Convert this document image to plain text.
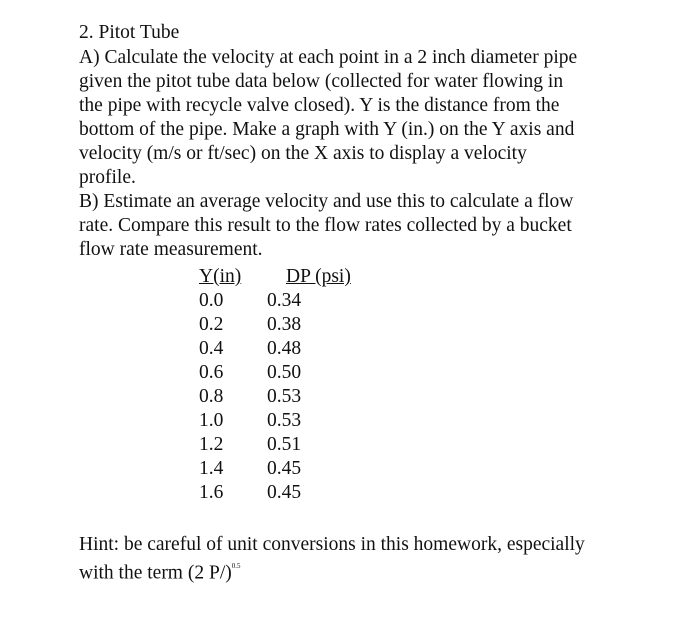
2. Pitot Tube
A) Calculate the velocity at each point in a 2 inch diameter pipe
given the pitot tube data below (collected for water flowing in
the pipe with recycle valve closed). Y is the distance from the
bottom of the pipe. Make a graph with Y (in.) on the Y axis and
velocity (m/s or ft/sec) on the X axis to display a velocity
profile.
B) Estimate an average velocity and use this to calculate a flow
rate. Compare this result to the flow rates collected by a bucket
flow rate measurement.
Y(in) DP (psi)
0.0 0.34
0.2 0.38
0.4 0.48
0.6 0.50
0.8 0.53
1.0 0.53
1.2 0.51
1.4 0.45
1.6 0.45
Hint: be careful of unit conversions in this homework, especially
with the term (2 P/)$^{0.5}$
